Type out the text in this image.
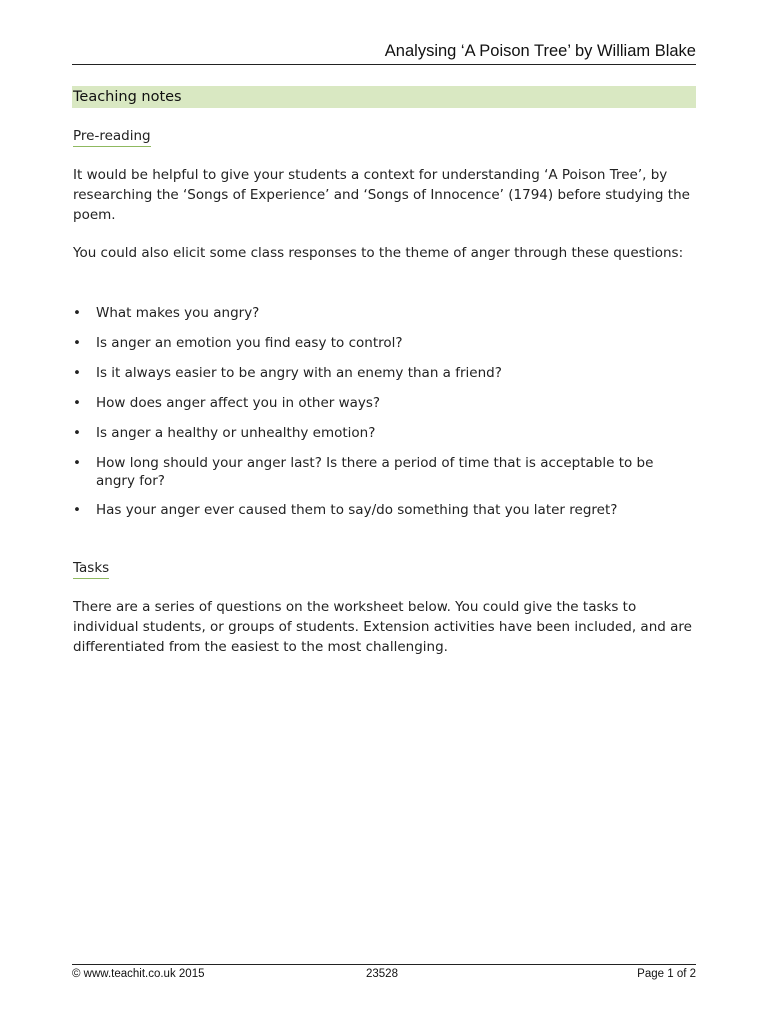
Analysing ‘A Poison Tree’ by William Blake
Teaching notes
Pre-reading

It would be helpful to give your students a context for understanding ‘A Poison Tree’, by researching the ‘Songs of Experience’ and ‘Songs of Innocence’ (1794) before studying the poem.

You could also elicit some class responses to the theme of anger through these questions:

• What makes you angry?
• Is anger an emotion you find easy to control?
• Is it always easier to be angry with an enemy than a friend?
• How does anger affect you in other ways?
• Is anger a healthy or unhealthy emotion?
• How long should your anger last? Is there a period of time that is acceptable to be angry for?
• Has your anger ever caused them to say/do something that you later regret?
Tasks

There are a series of questions on the worksheet below. You could give the tasks to individual students, or groups of students. Extension activities have been included, and are differentiated from the easiest to the most challenging.

© www.teachit.co.uk 2015	23528	Page 1 of 2
